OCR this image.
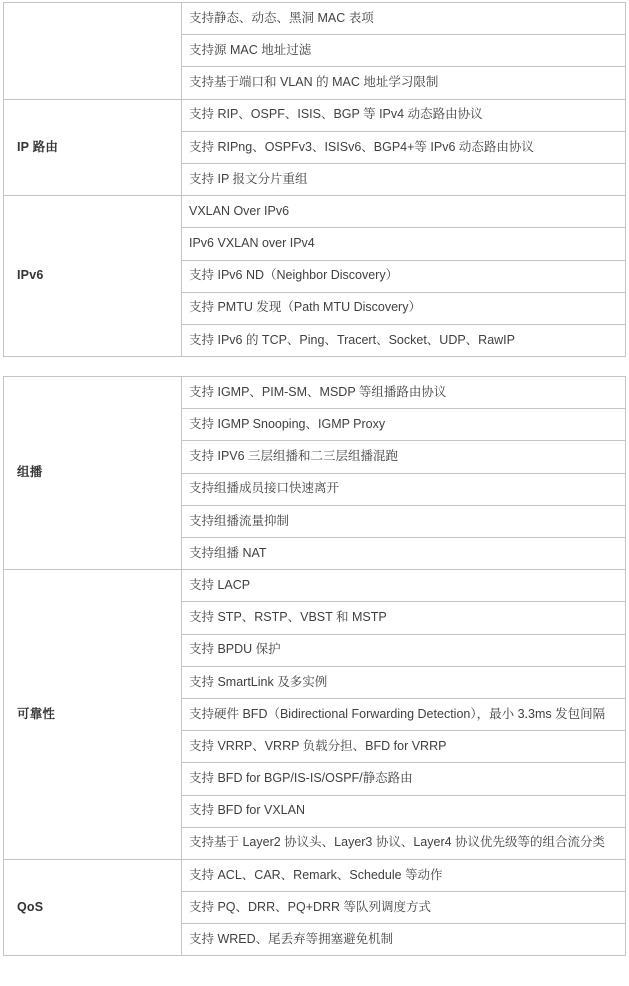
	支持静态、动态、黑洞 MAC 表项
	支持源 MAC 地址过滤
	支持基于端口和 VLAN 的 MAC 地址学习限制
IP 路由	支持 RIP、OSPF、ISIS、BGP 等 IPv4 动态路由协议
	支持 RIPng、OSPFv3、ISISv6、BGP4+等 IPv6 动态路由协议
	支持 IP 报文分片重组
IPv6	VXLAN Over IPv6
	IPv6 VXLAN over IPv4
	支持 IPv6 ND（Neighbor Discovery）
	支持 PMTU 发现（Path MTU Discovery）
	支持 IPv6 的 TCP、Ping、Tracert、Socket、UDP、RawIP
组播	支持 IGMP、PIM-SM、MSDP 等组播路由协议
	支持 IGMP Snooping、IGMP Proxy
	支持 IPV6 三层组播和二三层组播混跑
	支持组播成员接口快速离开
	支持组播流量抑制
	支持组播 NAT
可靠性	支持 LACP
	支持 STP、RSTP、VBST 和 MSTP
	支持 BPDU 保护
	支持 SmartLink 及多实例
	支持硬件 BFD（Bidirectional Forwarding Detection），最小 3.3ms 发包间隔
	支持 VRRP、VRRP 负载分担、BFD for VRRP
	支持 BFD for BGP/IS-IS/OSPF/静态路由
	支持 BFD for VXLAN
	支持基于 Layer2 协议头、Layer3 协议、Layer4 协议优先级等的组合流分类
QoS	支持 ACL、CAR、Remark、Schedule 等动作
	支持 PQ、DRR、PQ+DRR 等队列调度方式
	支持 WRED、尾丢弃等拥塞避免机制
